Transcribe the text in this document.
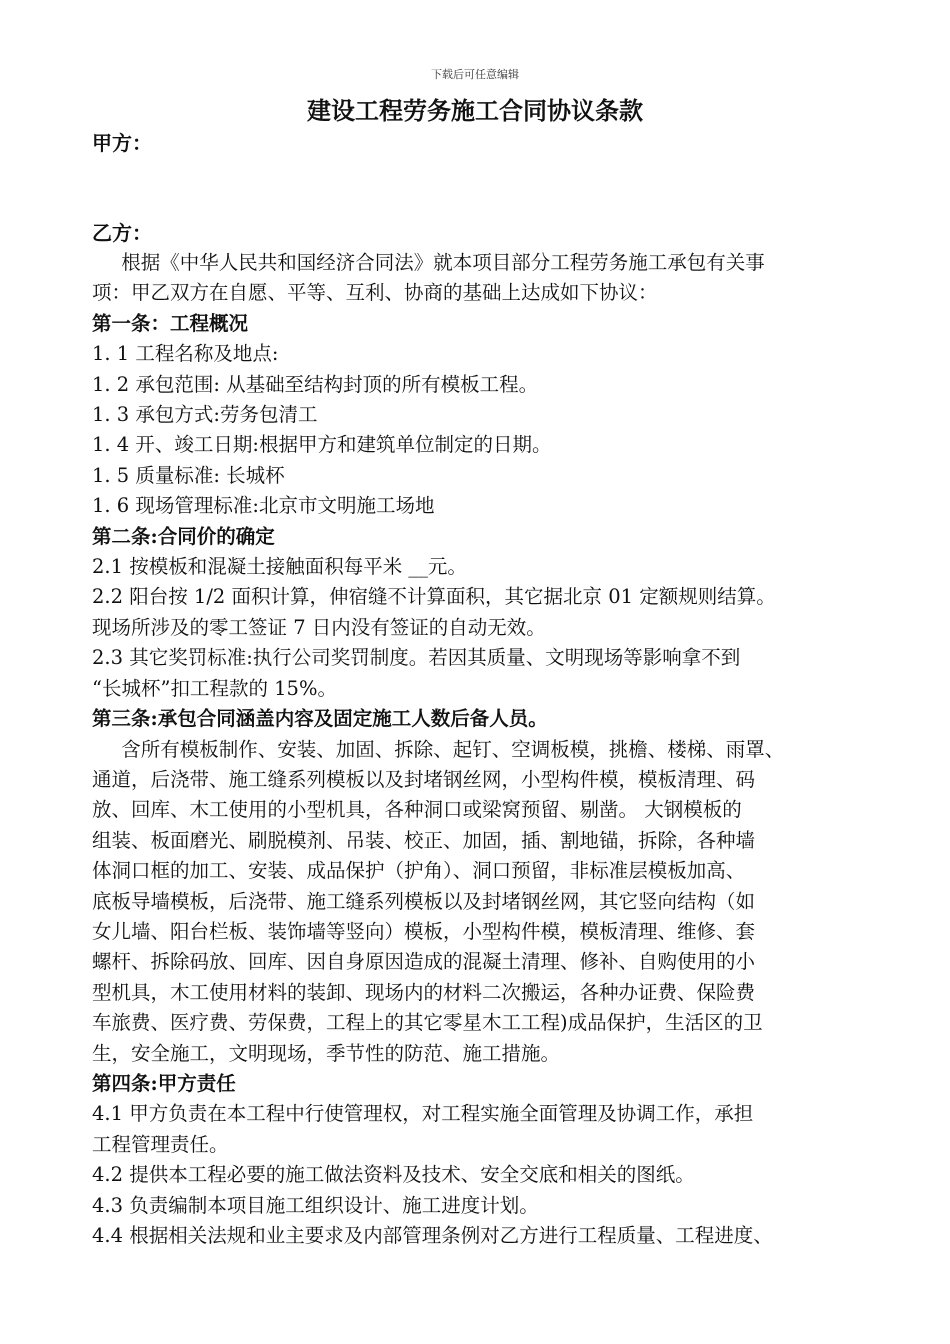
下载后可任意编辑
建设工程劳务施工合同协议条款
甲方：
乙方：

根据《中华人民共和国经济合同法》就本项目部分工程劳务施工承包有关事

项：甲乙双方在自愿、平等、互利、协商的基础上达成如下协议：

第一条：工程概况

1. 1 工程名称及地点:

1. 2 承包范围: 从基础至结构封顶的所有模板工程。

1. 3 承包方式:劳务包清工

1. 4 开、竣工日期:根据甲方和建筑单位制定的日期。

1. 5 质量标准: 长城杯

1. 6 现场管理标准:北京市文明施工场地

第二条:合同价的确定

2.1 按模板和混凝土接触面积每平米 __元。

2.2 阳台按 1/2 面积计算，伸宿缝不计算面积，其它据北京 01 定额规则结算。

现场所涉及的零工签证 7 日内没有签证的自动无效。

2.3 其它奖罚标准:执行公司奖罚制度。若因其质量、文明现场等影响拿不到

“长城杯”扣工程款的 15%。

第三条:承包合同涵盖内容及固定施工人数后备人员。

含所有模板制作、安装、加固、拆除、起钉、空调板模，挑檐、楼梯、雨罩、

通道，后浇带、施工缝系列模板以及封堵钢丝网，小型构件模，模板清理、码

放、回库、木工使用的小型机具，各种洞口或梁窝预留、剔凿。 大钢模板的

组装、板面磨光、刷脱模剂、吊装、校正、加固，插、割地锚，拆除，各种墙

体洞口框的加工、安装、成品保护（护角）、洞口预留，非标准层模板加高、

底板导墙模板，后浇带、施工缝系列模板以及封堵钢丝网，其它竖向结构（如

女儿墙、阳台栏板、装饰墙等竖向）模板，小型构件模，模板清理、维修、套

螺杆、拆除码放、回库、因自身原因造成的混凝土清理、修补、自购使用的小

型机具，木工使用材料的装卸、现场内的材料二次搬运，各种办证费、保险费

车旅费、医疗费、劳保费，工程上的其它零星木工工程)成品保护，生活区的卫

生，安全施工，文明现场，季节性的防范、施工措施。

第四条:甲方责任

4.1 甲方负责在本工程中行使管理权，对工程实施全面管理及协调工作，承担

工程管理责任。

4.2 提供本工程必要的施工做法资料及技术、安全交底和相关的图纸。

4.3 负责编制本项目施工组织设计、施工进度计划。

4.4 根据相关法规和业主要求及内部管理条例对乙方进行工程质量、工程进度、
